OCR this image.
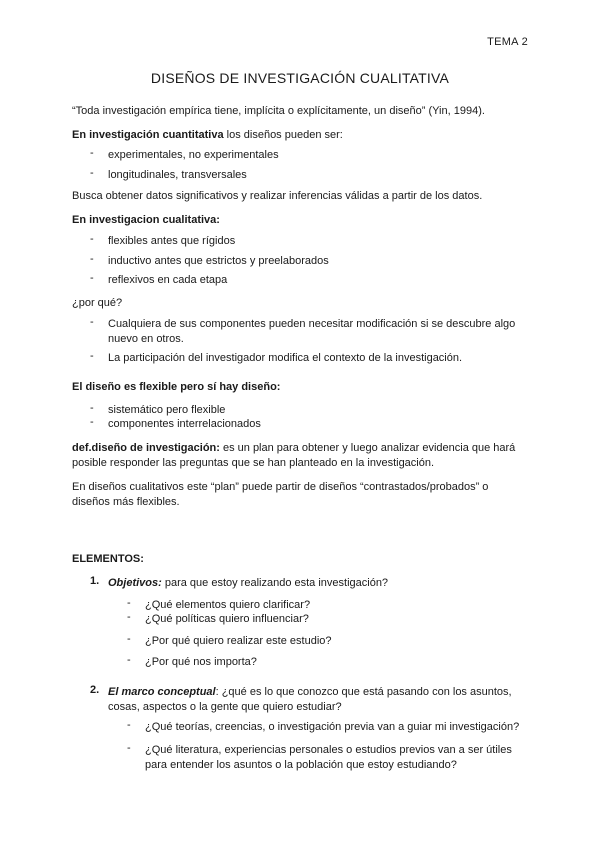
TEMA 2
DISEÑOS DE INVESTIGACIÓN CUALITATIVA
“Toda investigación empírica tiene, implícita o explícitamente, un diseño” (Yin, 1994).
En investigación cuantitativa los diseños pueden ser:
- experimentales, no experimentales
- longitudinales, transversales
Busca obtener datos significativos y realizar inferencias válidas a partir de los datos.
En investigacion cualitativa:
- flexibles antes que rígidos
- inductivo antes que estrictos y preelaborados
- reflexivos en cada etapa
¿por qué?
- Cualquiera de sus componentes pueden necesitar modificación si se descubre algo
nuevo en otros.
- La participación del investigador modifica el contexto de la investigación.
El diseño es flexible pero sí hay diseño:
- sistemático pero flexible
- componentes interrelacionados
def.diseño de investigación: es un plan para obtener y luego analizar evidencia que hará
posible responder las preguntas que se han planteado en la investigación.
En diseños cualitativos este “plan” puede partir de diseños “contrastados/probados” o
diseños más flexibles.
ELEMENTOS:
1. Objetivos: para que estoy realizando esta investigación?
- ¿Qué elementos quiero clarificar?
- ¿Qué políticas quiero influenciar?
- ¿Por qué quiero realizar este estudio?
- ¿Por qué nos importa?
2. El marco conceptual: ¿qué es lo que conozco que está pasando con los asuntos,
cosas, aspectos o la gente que quiero estudiar?
- ¿Qué teorías, creencias, o investigación previa van a guiar mi investigación?
- ¿Qué literatura, experiencias personales o estudios previos van a ser útiles
para entender los asuntos o la población que estoy estudiando?
